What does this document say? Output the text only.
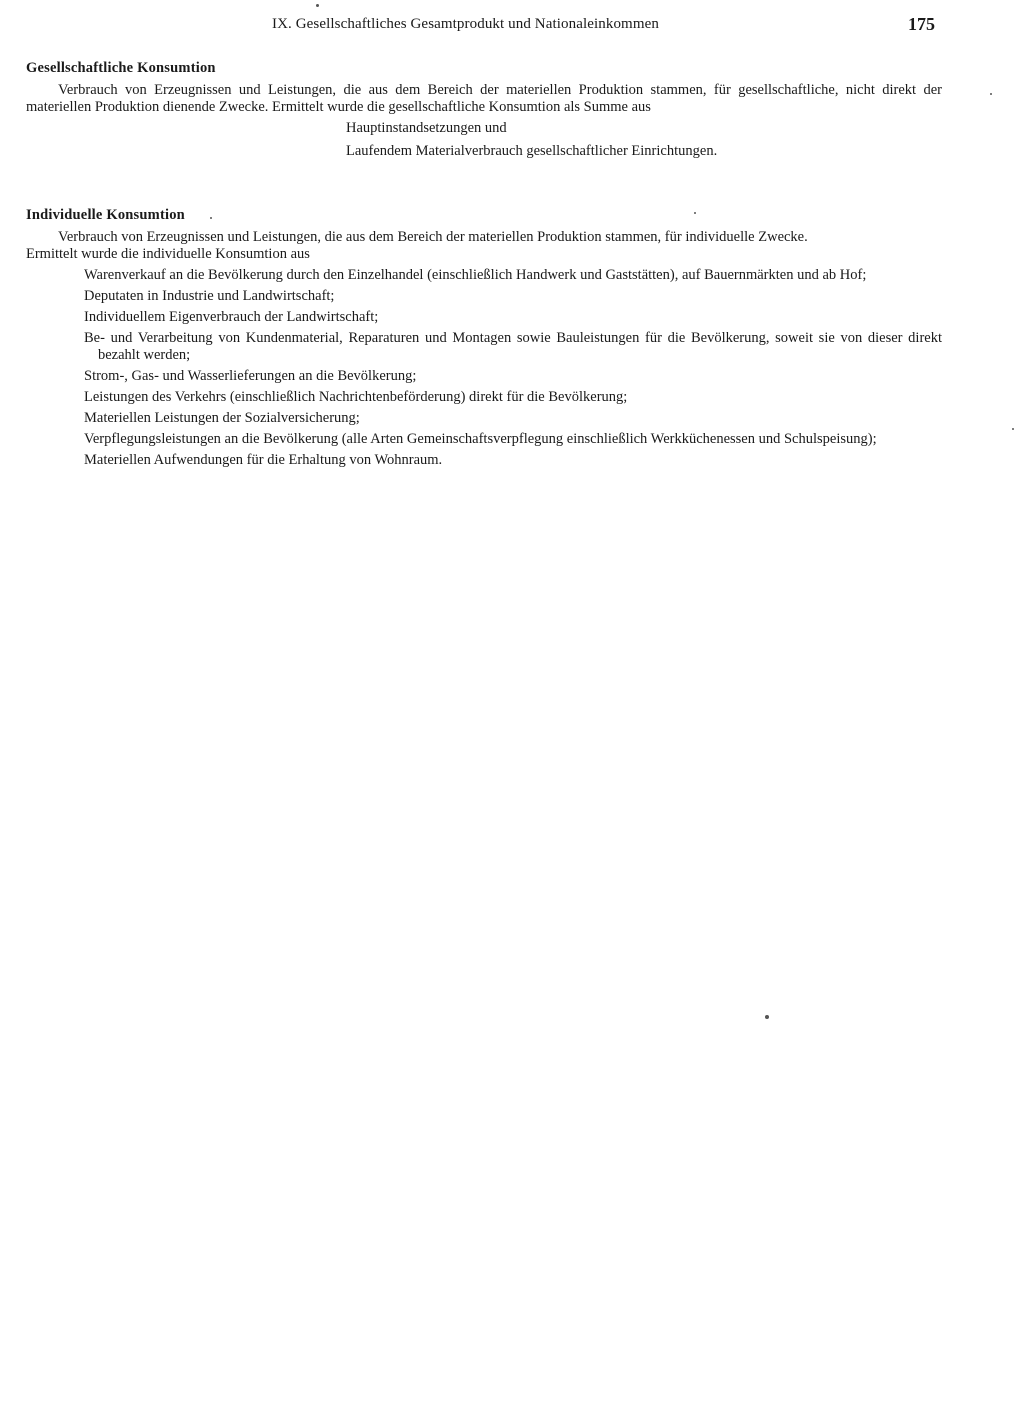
IX. Gesellschaftliches Gesamtprodukt und Nationaleinkommen	175
Gesellschaftliche Konsumtion

Verbrauch von Erzeugnissen und Leistungen, die aus dem Bereich der materiellen Produktion stammen, für gesellschaftliche, nicht direkt der materiellen Produktion dienende Zwecke. Ermittelt wurde die gesellschaftliche Konsumtion als Summe aus

Hauptinstandsetzungen und
Laufendem Materialverbrauch gesellschaftlicher Einrichtungen.
Individuelle Konsumtion

Verbrauch von Erzeugnissen und Leistungen, die aus dem Bereich der materiellen Produktion stammen, für individuelle Zwecke.

Ermittelt wurde die individuelle Konsumtion aus
Warenverkauf an die Bevölkerung durch den Einzelhandel (einschließlich Handwerk und Gaststätten), auf Bauernmärkten und ab Hof;
Deputaten in Industrie und Landwirtschaft;
Individuellem Eigenverbrauch der Landwirtschaft;
Be- und Verarbeitung von Kundenmaterial, Reparaturen und Montagen sowie Bauleistungen für die Bevölkerung, soweit sie von dieser direkt bezahlt werden;
Strom-, Gas- und Wasserlieferungen an die Bevölkerung;
Leistungen des Verkehrs (einschließlich Nachrichtenbeförderung) direkt für die Bevölkerung;
Materiellen Leistungen der Sozialversicherung;
Verpflegungsleistungen an die Bevölkerung (alle Arten Gemeinschaftsverpflegung einschließlich Werkküchenessen und Schulspeisung);
Materiellen Aufwendungen für die Erhaltung von Wohnraum.
